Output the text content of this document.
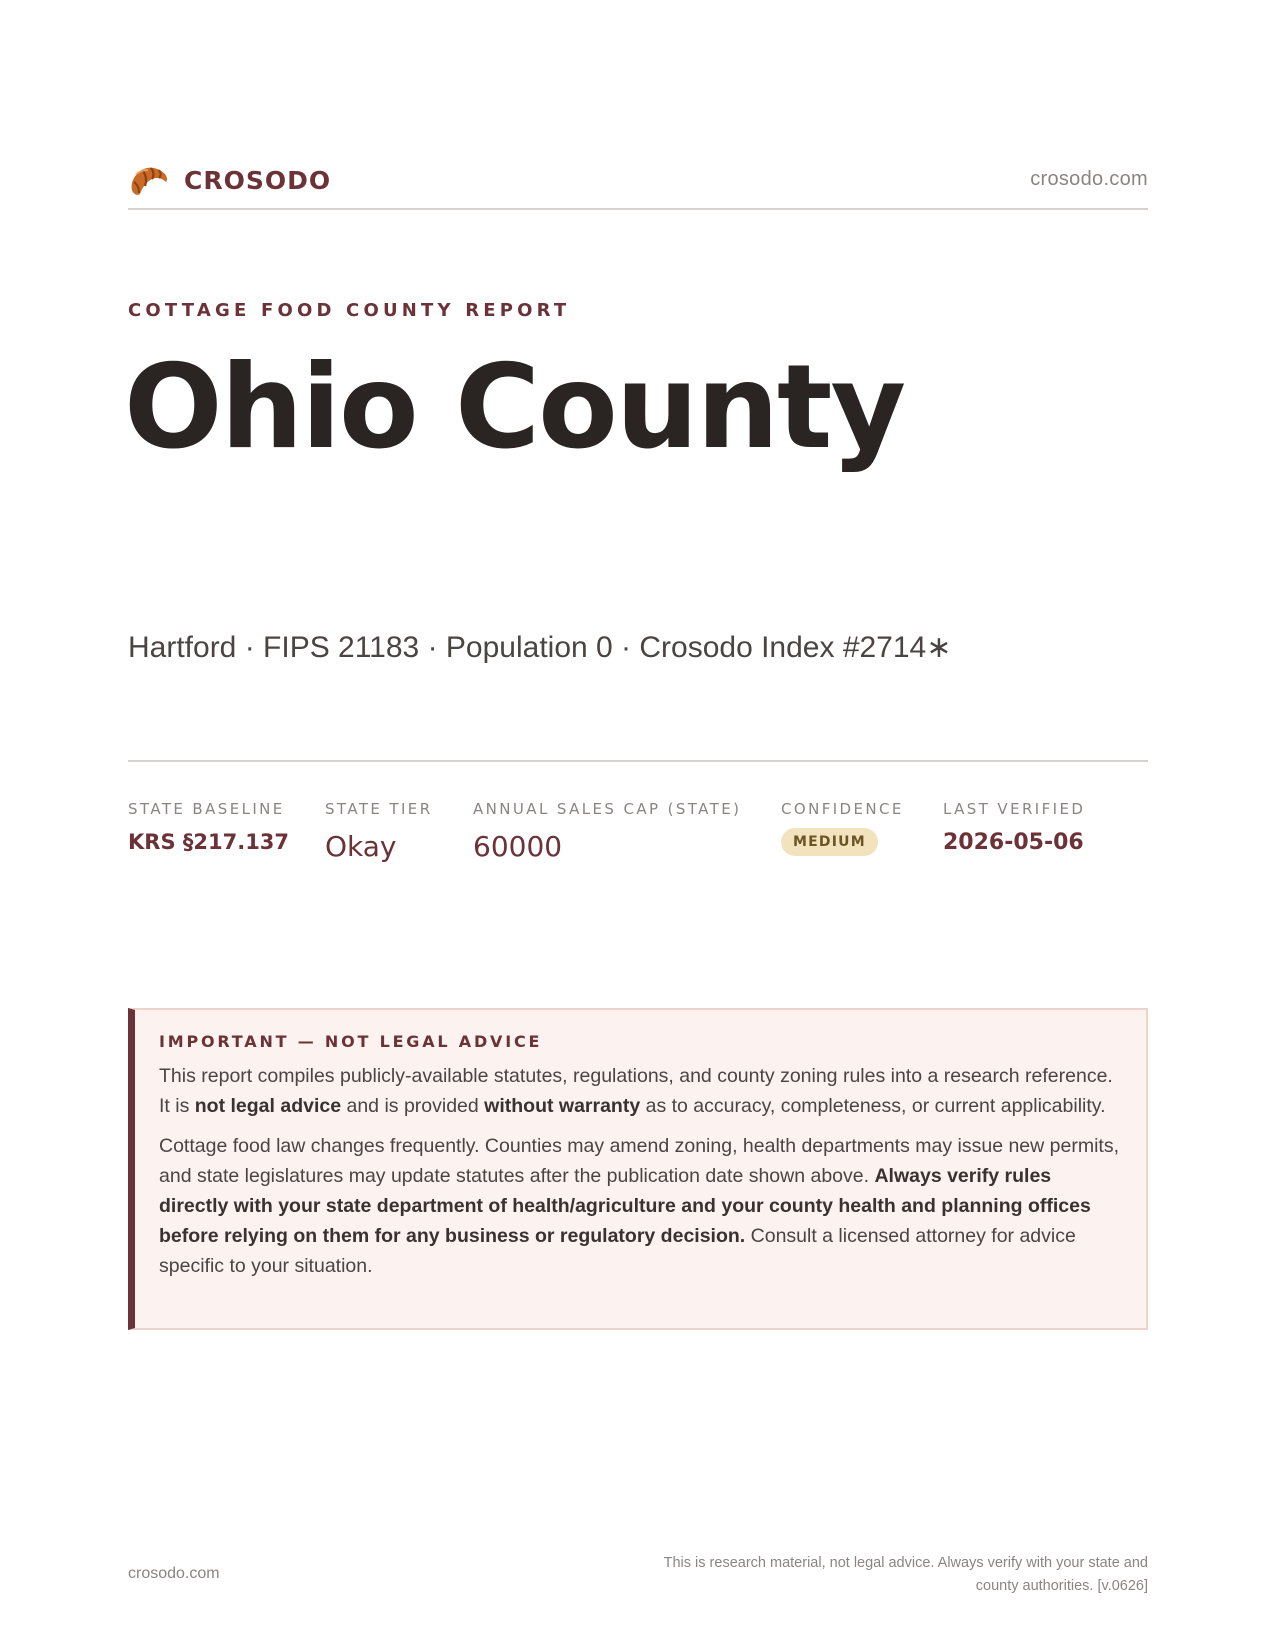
CROSODO	crosodo.com
COTTAGE FOOD COUNTY REPORT
Ohio County
Hartford · FIPS 21183 · Population 0 · Crosodo Index #2714∗
STATE BASELINE
KRS §217.137
STATE TIER
Okay
ANNUAL SALES CAP (STATE)
60000
CONFIDENCE
MEDIUM
LAST VERIFIED
2026-05-06
IMPORTANT — NOT LEGAL ADVICE

This report compiles publicly-available statutes, regulations, and county zoning rules into a research reference. It is not legal advice and is provided without warranty as to accuracy, completeness, or current applicability.

Cottage food law changes frequently. Counties may amend zoning, health departments may issue new permits, and state legislatures may update statutes after the publication date shown above. Always verify rules directly with your state department of health/agriculture and your county health and planning offices before relying on them for any business or regulatory decision. Consult a licensed attorney for advice specific to your situation.

crosodo.com
This is research material, not legal advice. Always verify with your state and county authorities. [v.0626]
